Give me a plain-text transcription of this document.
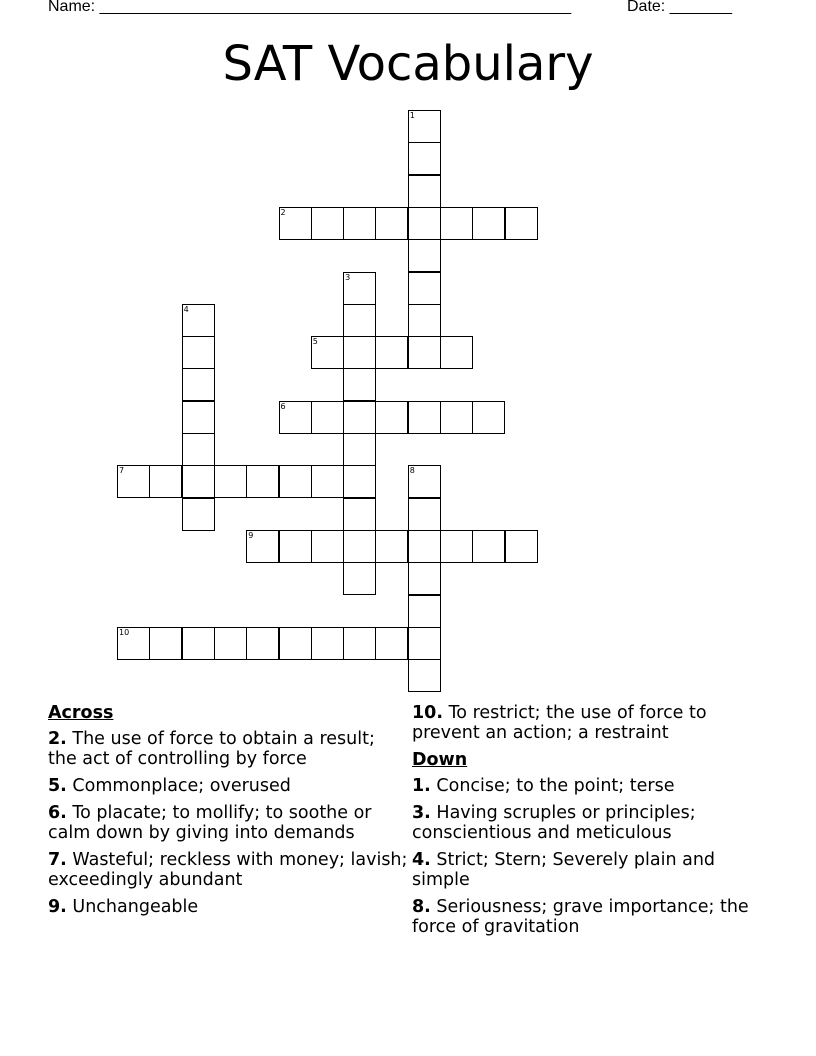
Name: _____________________________________________________	Date: _______
SAT Vocabulary
1
2
3
4
5
6
7	8
9
10
Across
2. The use of force to obtain a result; the act of controlling by force
5. Commonplace; overused
6. To placate; to mollify; to soothe or calm down by giving into demands
7. Wasteful; reckless with money; lavish; exceedingly abundant
9. Unchangeable
10. To restrict; the use of force to prevent an action; a restraint
Down
1. Concise; to the point; terse
3. Having scruples or principles; conscientious and meticulous
4. Strict; Stern; Severely plain and simple
8. Seriousness; grave importance; the force of gravitation
